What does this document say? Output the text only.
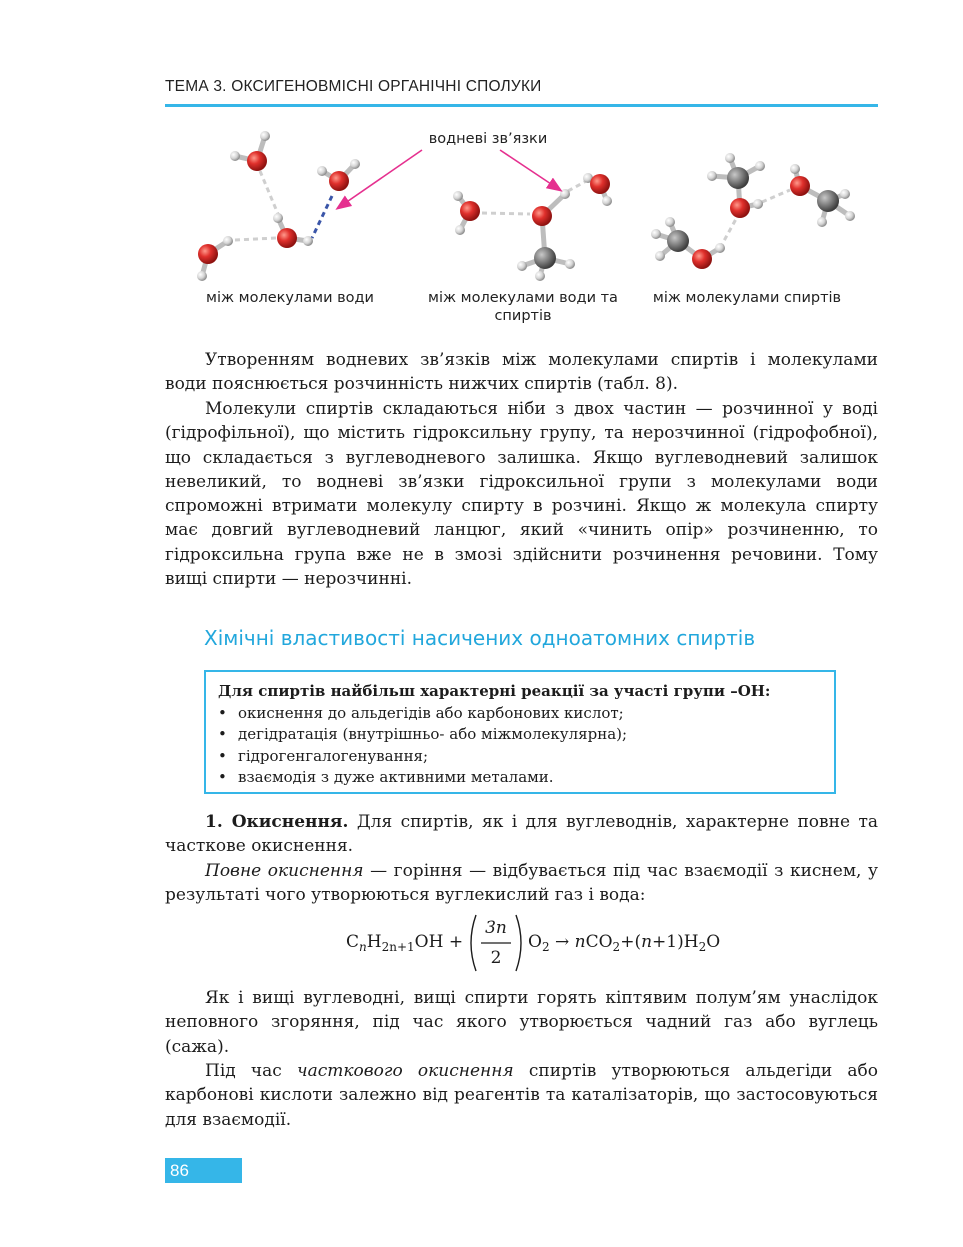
ТЕМА 3. ОКСИГЕНОВМІСНІ ОРГАНІЧНІ СПОЛУКИ
водневі зв’язки
між молекулами води	між молекулами води та спиртів
між молекулами спиртів

Утворенням водневих зв’язків між молекулами спиртів і молекулами води пояснюється розчинність нижчих спиртів (табл. 8).

Молекули спиртів складаються ніби з двох частин — розчинної у воді (гідрофільної), що містить гідроксильну групу, та нерозчинної (гідрофобної), що складається з вуглеводневого залишка. Якщо вуглеводневий залишок невеликий, то водневі зв’язки гідроксильної групи з молекулами води спроможні втримати молекулу спирту в розчині. Якщо ж молекула спирту має довгий вуглеводневий ланцюг, який «чинить опір» розчиненню, то гідроксильна група вже не в змозі здійснити розчинення речовини. Тому вищі спирти — нерозчинні.

Хімічні властивості насичених одноатомних спиртів
Для спиртів найбільш характерні реакції за участі групи –OH:
• окиснення до альдегідів або карбонових кислот;
• дегідратація (внутрішньо- або міжмолекулярна);
• гідрогенгалогенування;
• взаємодія з дуже активними металами.

1. Окиснення. Для спиртів, як і для вуглеводнів, характерне повне та часткове окиснення.

Повне окиснення — горіння — відбувається під час взаємодії з киснем, у результаті чого утворюються вуглекислий газ і вода:

$C_nH_{2n+1}OH$ +
3n
2
$O_2 \to nCO_2+(n+1)H_2O$

Як і вищі вуглеводні, вищі спирти горять кіптявим полум’ям унаслідок неповного згоряння, під час якого утворюється чадний газ або вуглець (сажа).

Під час часткового окиснення спиртів утворюються альдегіди або карбонові кислоти залежно від реагентів та каталізаторів, що застосовуються для взаємодії.

86
